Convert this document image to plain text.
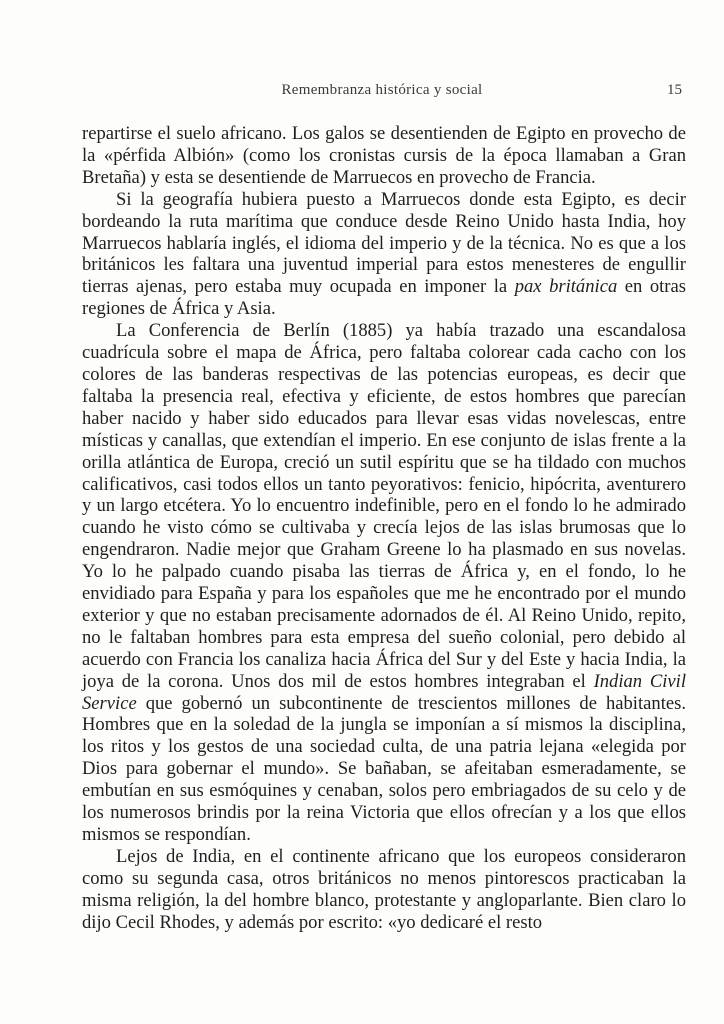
Remembranza histórica y social	15

repartirse el suelo africano. Los galos se desentienden de Egipto en provecho de la «pérfida Albión» (como los cronistas cursis de la época llamaban a Gran Bretaña) y esta se desentiende de Marruecos en provecho de Francia.

Si la geografía hubiera puesto a Marruecos donde esta Egipto, es decir bordeando la ruta marítima que conduce desde Reino Unido hasta India, hoy Marruecos hablaría inglés, el idioma del imperio y de la técnica. No es que a los británicos les faltara una juventud imperial para estos menesteres de engullir tierras ajenas, pero estaba muy ocupada en imponer la pax británica en otras regiones de África y Asia.

La Conferencia de Berlín (1885) ya había trazado una escandalosa cuadrícula sobre el mapa de África, pero faltaba colorear cada cacho con los colores de las banderas respectivas de las potencias europeas, es decir que faltaba la presencia real, efectiva y eficiente, de estos hombres que parecían haber nacido y haber sido educados para llevar esas vidas novelescas, entre místicas y canallas, que extendían el imperio. En ese conjunto de islas frente a la orilla atlántica de Europa, creció un sutil espíritu que se ha tildado con muchos calificativos, casi todos ellos un tanto peyorativos: fenicio, hipócrita, aventurero y un largo etcétera. Yo lo encuentro indefinible, pero en el fondo lo he admirado cuando he visto cómo se cultivaba y crecía lejos de las islas brumosas que lo engendraron. Nadie mejor que Graham Greene lo ha plasmado en sus novelas. Yo lo he palpado cuando pisaba las tierras de África y, en el fondo, lo he envidiado para España y para los españoles que me he encontrado por el mundo exterior y que no estaban precisamente adornados de él. Al Reino Unido, repito, no le faltaban hombres para esta empresa del sueño colonial, pero debido al acuerdo con Francia los canaliza hacia África del Sur y del Este y hacia India, la joya de la corona. Unos dos mil de estos hombres integraban el Indian Civil Service que gobernó un subcontinente de trescientos millones de habitantes. Hombres que en la soledad de la jungla se imponían a sí mismos la disciplina, los ritos y los gestos de una sociedad culta, de una patria lejana «elegida por Dios para gobernar el mundo». Se bañaban, se afeitaban esmeradamente, se embutían en sus esmóquines y cenaban, solos pero embriagados de su celo y de los numerosos brindis por la reina Victoria que ellos ofrecían y a los que ellos mismos se respondían.

Lejos de India, en el continente africano que los europeos consideraron como su segunda casa, otros británicos no menos pintorescos practicaban la misma religión, la del hombre blanco, protestante y angloparlante. Bien claro lo dijo Cecil Rhodes, y además por escrito: «yo dedicaré el resto
